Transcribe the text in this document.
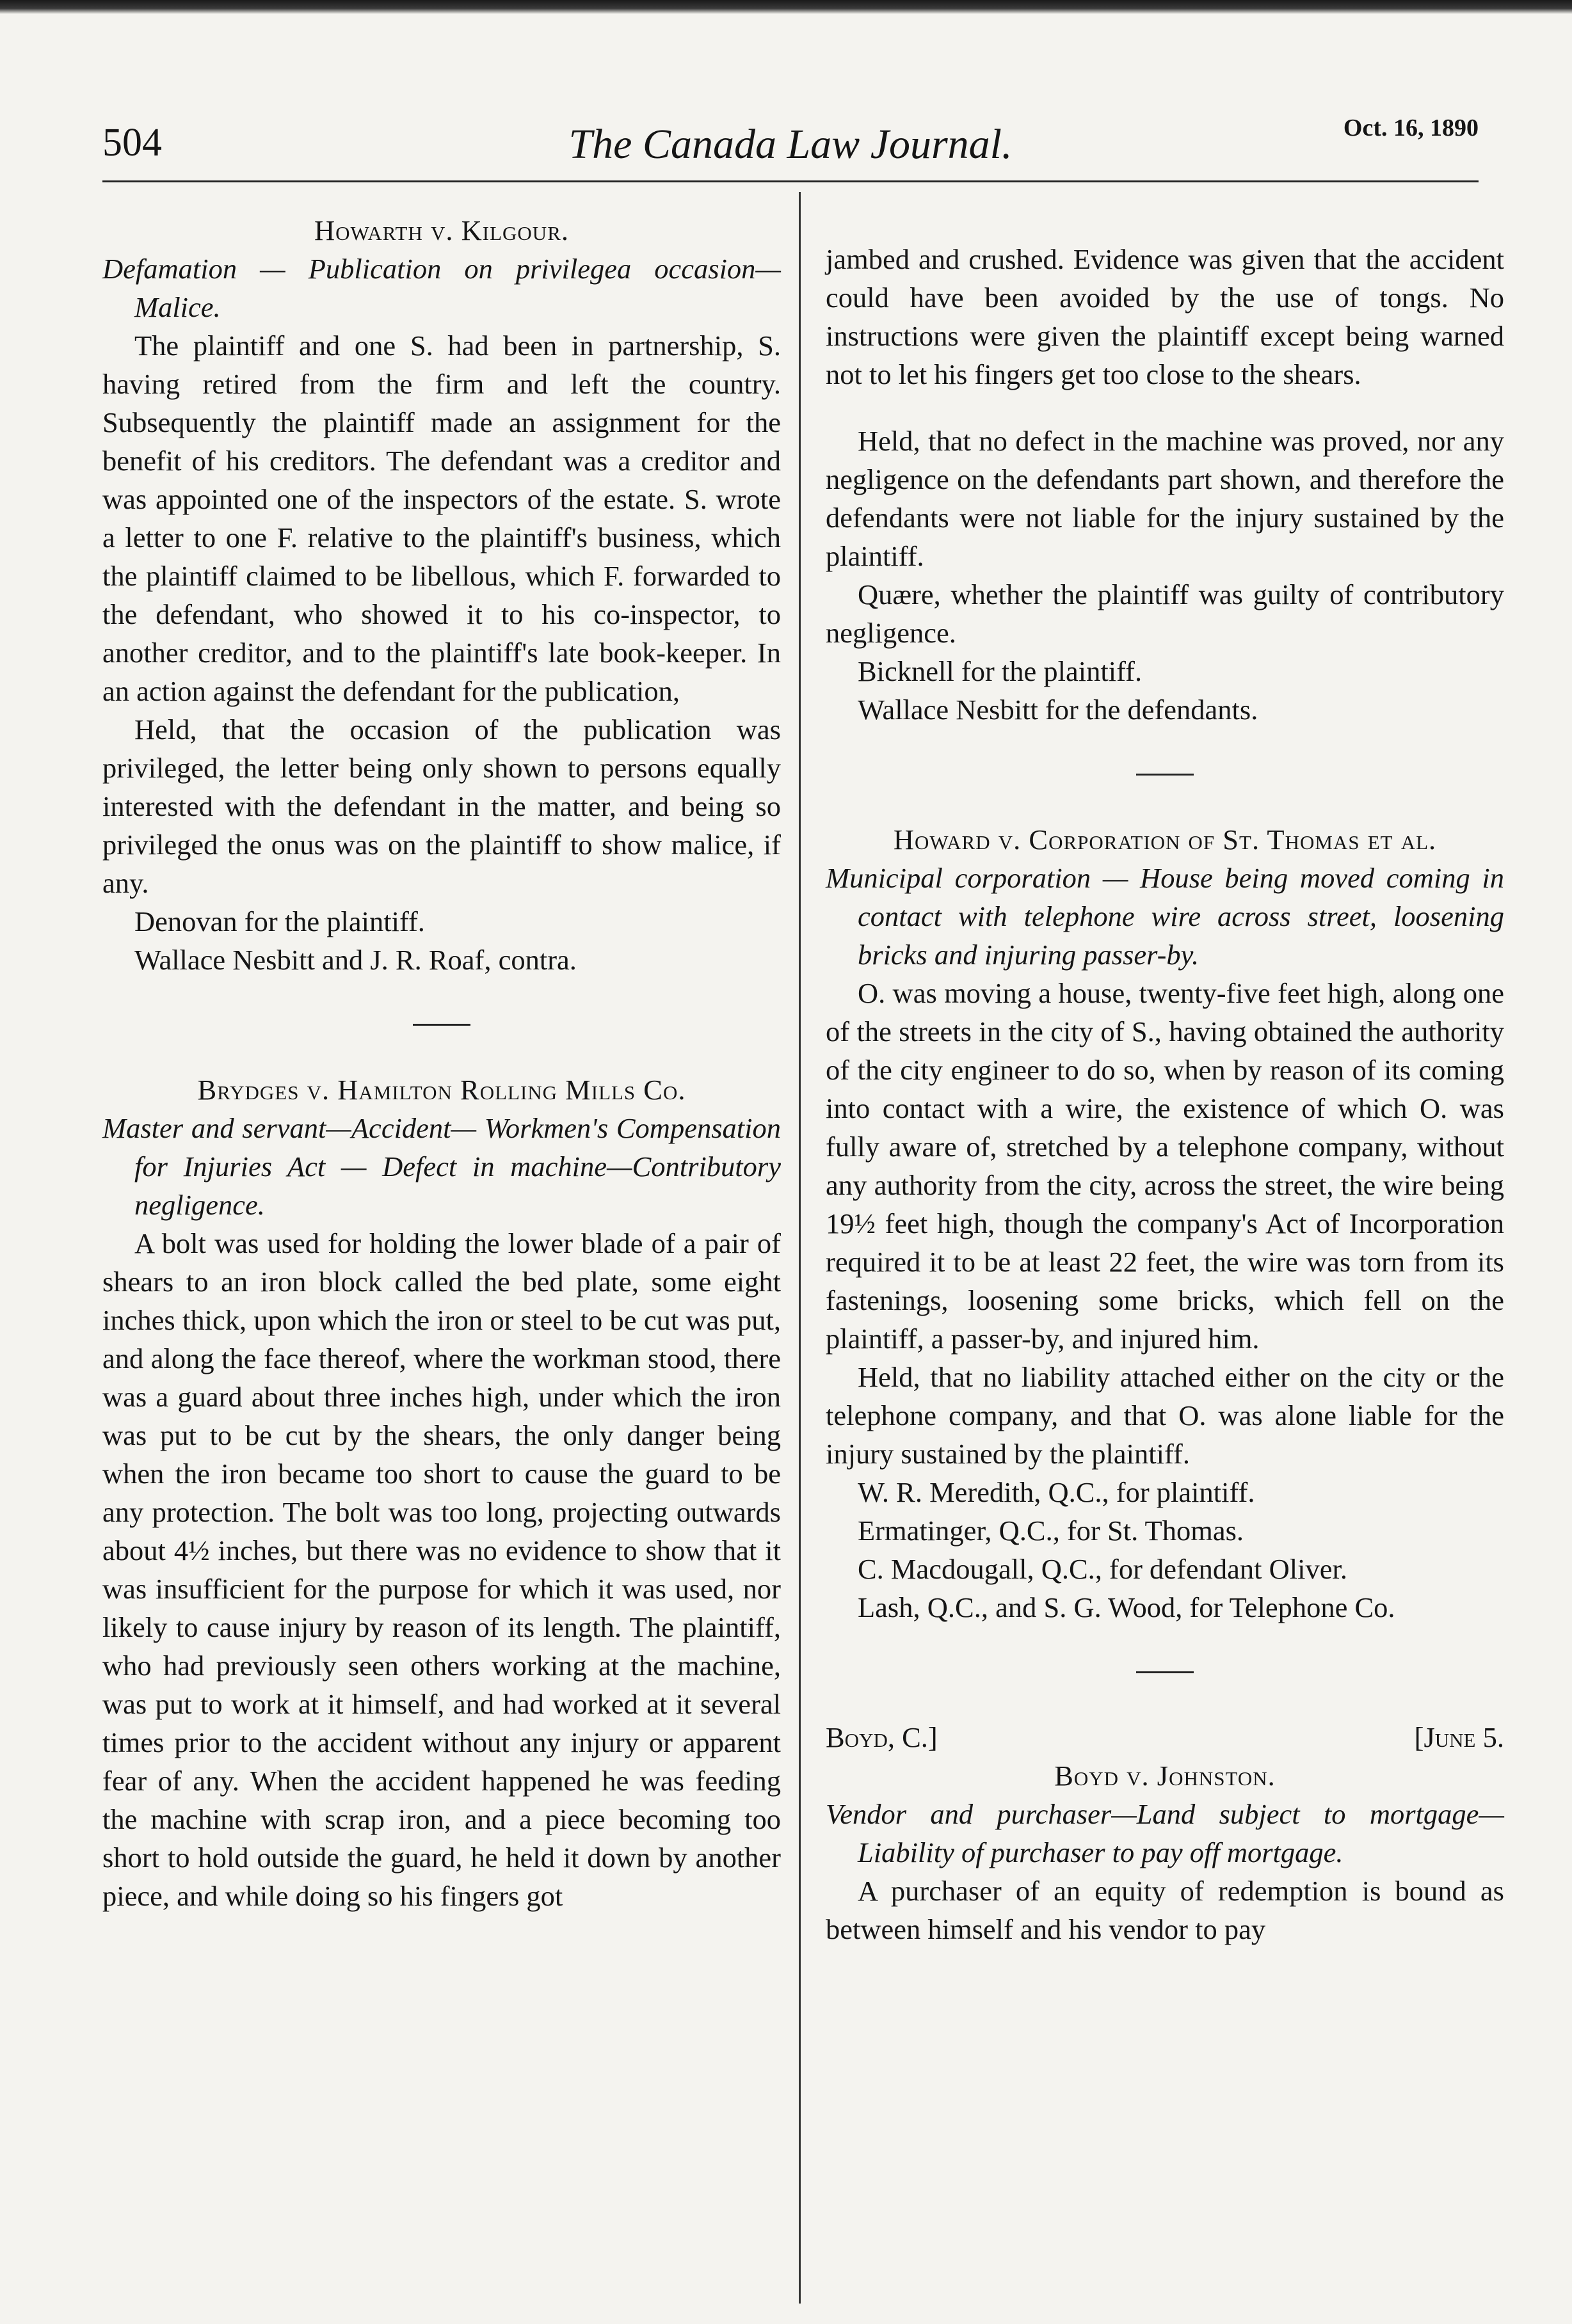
504	The Canada Law Journal.	Oct. 16, 1890

Howarth v. Kilgour.

Defamation — Publication on privilegea occasion—Malice.

The plaintiff and one S. had been in partnership, S. having retired from the firm and left the country. Subsequently the plaintiff made an assignment for the benefit of his creditors. The defendant was a creditor and was appointed one of the inspectors of the estate. S. wrote a letter to one F. relative to the plaintiff's business, which the plaintiff claimed to be libellous, which F. forwarded to the defendant, who showed it to his co-inspector, to another creditor, and to the plaintiff's late book-keeper. In an action against the defendant for the publication,

Held, that the occasion of the publication was privileged, the letter being only shown to persons equally interested with the defendant in the matter, and being so privileged the onus was on the plaintiff to show malice, if any.

Denovan for the plaintiff.

Wallace Nesbitt and J. R. Roaf, contra.

Brydges v. Hamilton Rolling Mills Co.

Master and servant—Accident— Workmen's Compensation for Injuries Act — Defect in machine—Contributory negligence.

A bolt was used for holding the lower blade of a pair of shears to an iron block called the bed plate, some eight inches thick, upon which the iron or steel to be cut was put, and along the face thereof, where the workman stood, there was a guard about three inches high, under which the iron was put to be cut by the shears, the only danger being when the iron became too short to cause the guard to be any protection. The bolt was too long, projecting outwards about 4½ inches, but there was no evidence to show that it was insufficient for the purpose for which it was used, nor likely to cause injury by reason of its length. The plaintiff, who had previously seen others working at the machine, was put to work at it himself, and had worked at it several times prior to the accident without any injury or apparent fear of any. When the accident happened he was feeding the machine with scrap iron, and a piece becoming too short to hold outside the guard, he held it down by another piece, and while doing so his fingers got

jambed and crushed. Evidence was given that the accident could have been avoided by the use of tongs. No instructions were given the plaintiff except being warned not to let his fingers get too close to the shears.

Held, that no defect in the machine was proved, nor any negligence on the defendants part shown, and therefore the defendants were not liable for the injury sustained by the plaintiff.

Quære, whether the plaintiff was guilty of contributory negligence.

Bicknell for the plaintiff.

Wallace Nesbitt for the defendants.

Howard v. Corporation of St. Thomas et al.

Municipal corporation — House being moved coming in contact with telephone wire across street, loosening bricks and injuring passer-by.

O. was moving a house, twenty-five feet high, along one of the streets in the city of S., having obtained the authority of the city engineer to do so, when by reason of its coming into contact with a wire, the existence of which O. was fully aware of, stretched by a telephone company, without any authority from the city, across the street, the wire being 19½ feet high, though the company's Act of Incorporation required it to be at least 22 feet, the wire was torn from its fastenings, loosening some bricks, which fell on the plaintiff, a passer-by, and injured him.

Held, that no liability attached either on the city or the telephone company, and that O. was alone liable for the injury sustained by the plaintiff.

W. R. Meredith, Q.C., for plaintiff.

Ermatinger, Q.C., for St. Thomas.

C. Macdougall, Q.C., for defendant Oliver.

Lash, Q.C., and S. G. Wood, for Telephone Co.

Boyd, C.]	[June 5.

Boyd v. Johnston.

Vendor and purchaser—Land subject to mortgage—Liability of purchaser to pay off mortgage.

A purchaser of an equity of redemption is bound as between himself and his vendor to pay
